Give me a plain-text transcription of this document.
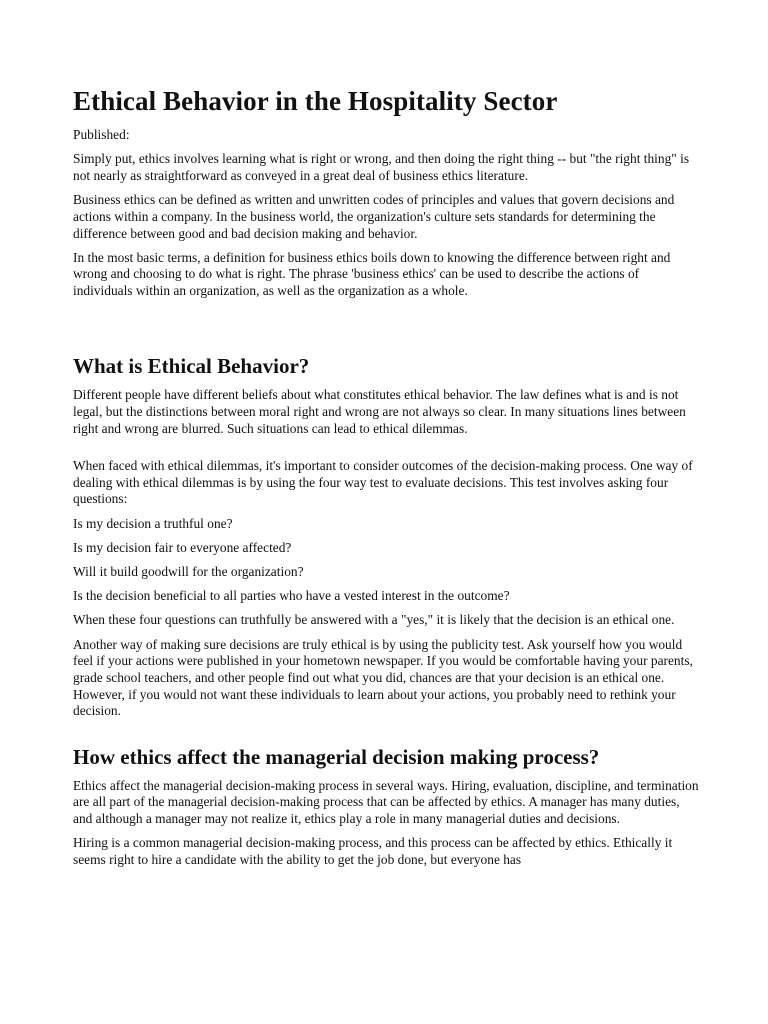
Ethical Behavior in the Hospitality Sector

Published:

Simply put, ethics involves learning what is right or wrong, and then doing the right thing -- but "the right thing" is not nearly as straightforward as conveyed in a great deal of business ethics literature.

Business ethics can be defined as written and unwritten codes of principles and values that govern decisions and actions within a company. In the business world, the organization's culture sets standards for determining the difference between good and bad decision making and behavior.

In the most basic terms, a definition for business ethics boils down to knowing the difference between right and wrong and choosing to do what is right. The phrase 'business ethics' can be used to describe the actions of individuals within an organization, as well as the organization as a whole.

What is Ethical Behavior?

Different people have different beliefs about what constitutes ethical behavior. The law defines what is and is not legal, but the distinctions between moral right and wrong are not always so clear. In many situations lines between right and wrong are blurred. Such situations can lead to ethical dilemmas.

When faced with ethical dilemmas, it's important to consider outcomes of the decision-making process. One way of dealing with ethical dilemmas is by using the four way test to evaluate decisions. This test involves asking four questions:

Is my decision a truthful one?

Is my decision fair to everyone affected?

Will it build goodwill for the organization?

Is the decision beneficial to all parties who have a vested interest in the outcome?

When these four questions can truthfully be answered with a "yes," it is likely that the decision is an ethical one.

Another way of making sure decisions are truly ethical is by using the publicity test. Ask yourself how you would feel if your actions were published in your hometown newspaper. If you would be comfortable having your parents, grade school teachers, and other people find out what you did, chances are that your decision is an ethical one. However, if you would not want these individuals to learn about your actions, you probably need to rethink your decision.

How ethics affect the managerial decision making process?

Ethics affect the managerial decision-making process in several ways. Hiring, evaluation, discipline, and termination are all part of the managerial decision-making process that can be affected by ethics. A manager has many duties, and although a manager may not realize it, ethics play a role in many managerial duties and decisions.

Hiring is a common managerial decision-making process, and this process can be affected by ethics. Ethically it seems right to hire a candidate with the ability to get the job done, but everyone has
